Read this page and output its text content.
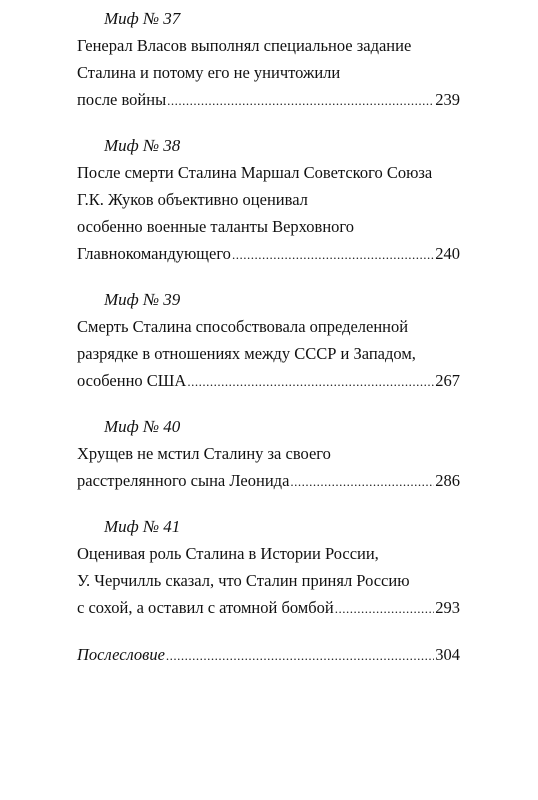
Миф № 37
Генерал Власов выполнял специальное задание
Сталина и потому его не уничтожили
после войны .....	239
Миф № 38
После смерти Сталина Маршал Советского Союза
Г.К. Жуков объективно оценивал
особенно военные таланты Верховного
Главнокомандующего .....	240
Миф № 39
Смерть Сталина способствовала определенной
разрядке в отношениях между СССР и Западом,
особенно США .....	267
Миф № 40
Хрущев не мстил Сталину за своего
расстрелянного сына Леонида .....	286
Миф № 41
Оценивая роль Сталина в Истории России,
У. Черчилль сказал, что Сталин принял Россию
с сохой, а оставил с атомной бомбой .....	293
Послесловие .....	304
